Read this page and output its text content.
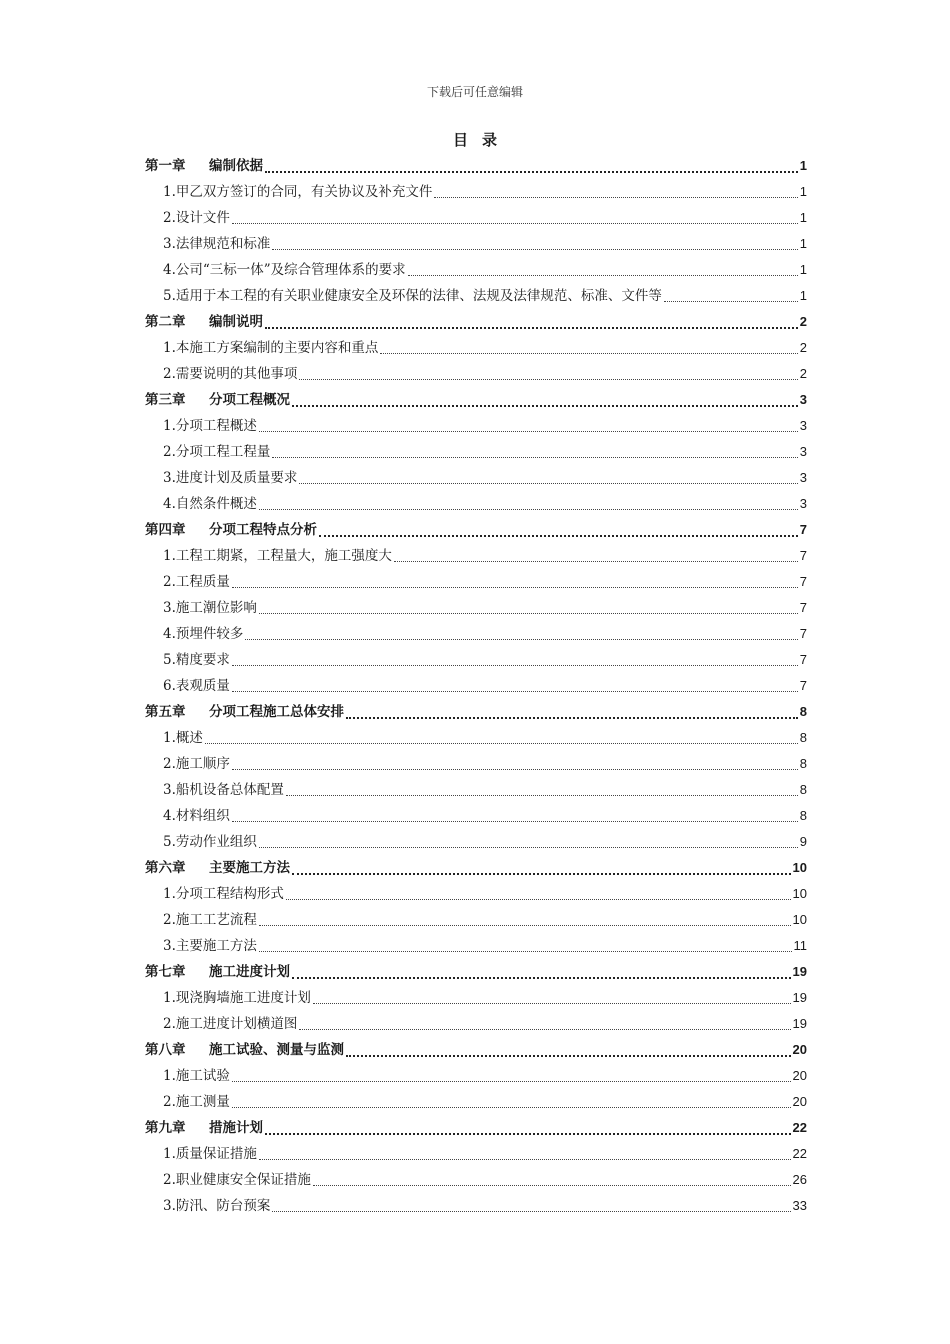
下载后可任意编辑
目录
第一章	编制依据	1
1.甲乙双方签订的合同，有关协议及补充文件	1
2.设计文件	1
3.法律规范和标准	1
4.公司“三标一体”及综合管理体系的要求	1
5.适用于本工程的有关职业健康安全及环保的法律、法规及法律规范、标准、文件等	1
第二章	编制说明	2
1.本施工方案编制的主要内容和重点	2
2.需要说明的其他事项	2
第三章	分项工程概况	3
1.分项工程概述	3
2.分项工程工程量	3
3.进度计划及质量要求	3
4.自然条件概述	3
第四章	分项工程特点分析	7
1.工程工期紧，工程量大，施工强度大	7
2.工程质量	7
3.施工潮位影响	7
4.预埋件较多	7
5.精度要求	7
6.表观质量	7
第五章	分项工程施工总体安排	8
1.概述	8
2.施工顺序	8
3.船机设备总体配置	8
4.材料组织	8
5.劳动作业组织	9
第六章	主要施工方法	10
1.分项工程结构形式	10
2.施工工艺流程	10
3.主要施工方法	11
第七章	施工进度计划	19
1.现浇胸墙施工进度计划	19
2.施工进度计划横道图	19
第八章	施工试验、测量与监测	20
1.施工试验	20
2.施工测量	20
第九章	措施计划	22
1.质量保证措施	22
2.职业健康安全保证措施	26
3.防汛、防台预案	33
